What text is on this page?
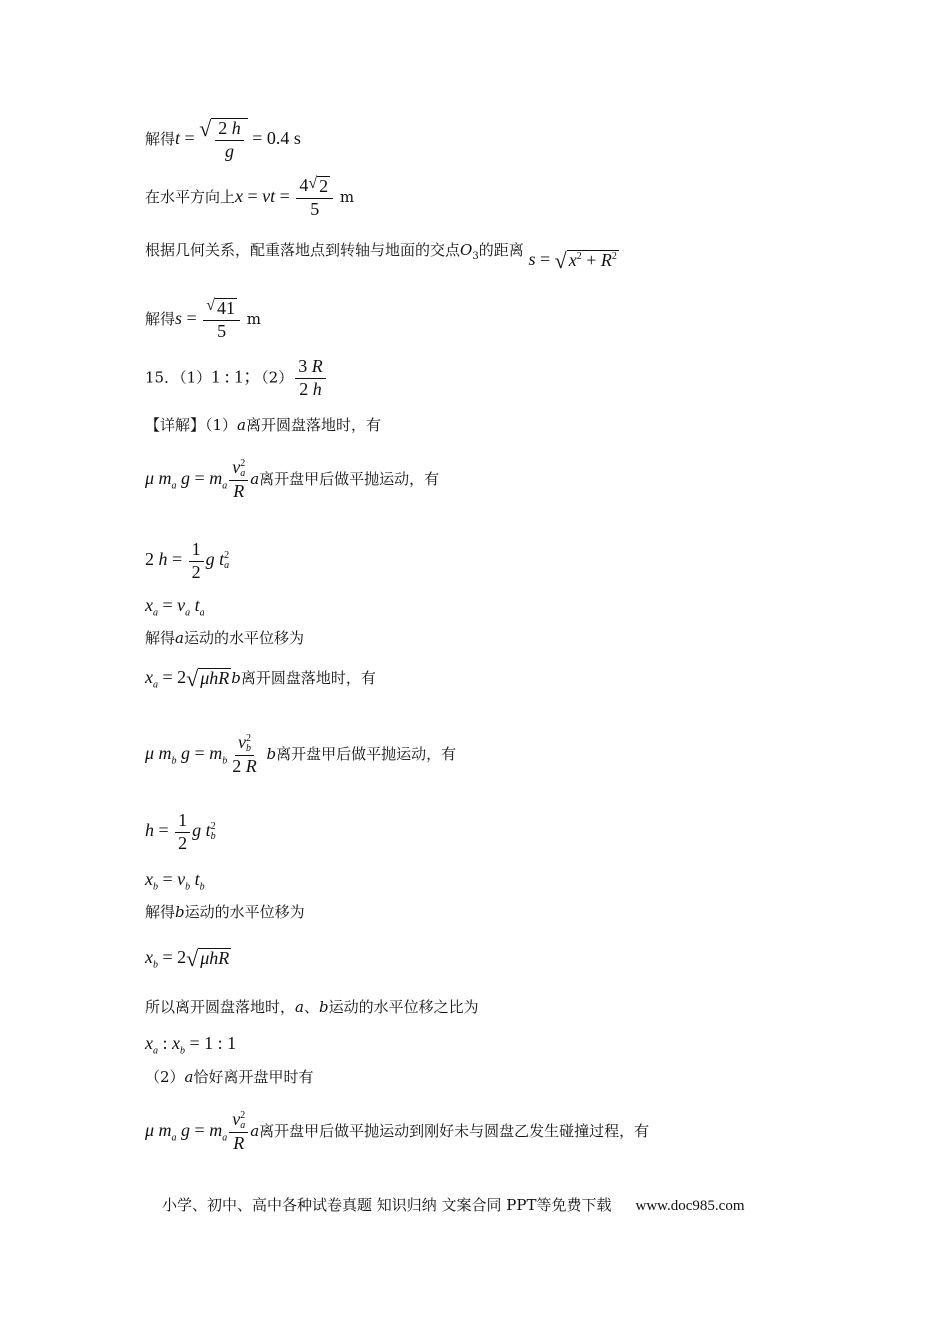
解得t = √ $\frac{2 h}{g} = 0.4$ s
在水平方向上x = vt = $\frac{4 √ 2}{5}$ m
根据几何关系，配重落地点到转轴与地面的交点$O_3$的距离 s = √ $x^2 + R^2$
解得$s = \frac{√ 41}{5}$ m
15．（1）1 : 1；$(2) \frac{3 R}{2 h}$
【详解】（1）a离开圆盘落地时，有
μ $m_a$ $g = m_a$ v 2
a
R a离开盘甲后做平抛运动，有
2 $h = \frac{1}{2}$ g t 2
a
$x_a = v_a$ $t_a$
解得a运动的水平位移为
$x_a = 2$ √ μhR b离开圆盘落地时，有
μ $m_b$ $g = m_b$ v 2
b
2 R b离开盘甲后做平抛运动，有
$h = \frac{1}{2}$ g t 2
b
$x_b = v_b$ $t_b$
解得b运动的水平位移为
$x_b = 2$ √ μhR
所以离开圆盘落地时，a、b运动的水平位移之比为
$x_a$ : $x_b = 1$ : 1
（2）a恰好离开盘甲时有
μ $m_a$ $g = m_a$ v 2
a
R a离开盘甲后做平抛运动到刚好未与圆盘乙发生碰撞过程，有
小学、初中、高中各种试卷真题 知识归纳 文案合同 PPT等免费下载 www.doc985.com
